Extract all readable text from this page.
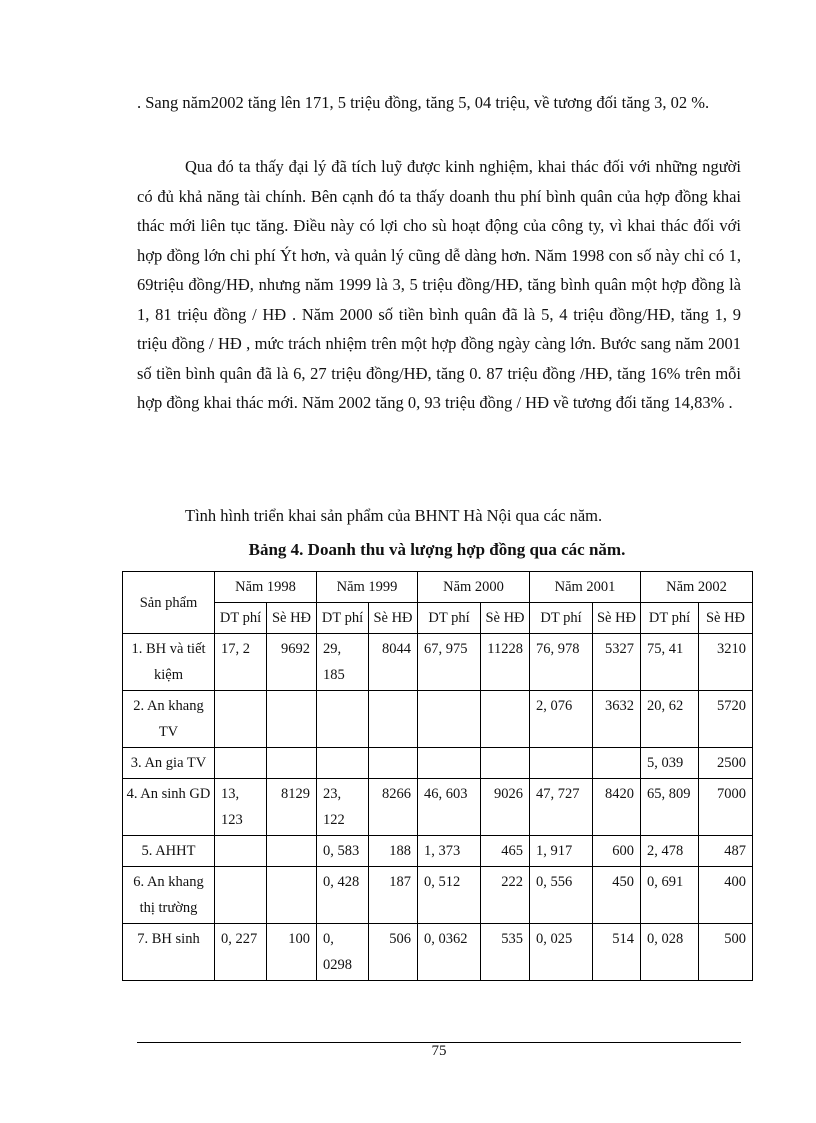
. Sang năm2002 tăng lên 171, 5 triệu đồng, tăng 5, 04 triệu, về tương đối tăng 3, 02 %.

Qua đó ta thấy đại lý đã tích luỹ được kinh nghiệm, khai thác đối với những người có đủ khả năng tài chính. Bên cạnh đó ta thấy doanh thu phí bình quân của hợp đồng khai thác mới liên tục tăng. Điều này có lợi cho sù hoạt động của công ty, vì khai thác đối với hợp đồng lớn chi phí Ýt hơn, và quản lý cũng dễ dàng hơn. Năm 1998 con số này chỉ có 1, 69triệu đồng/HĐ, nhưng năm 1999 là 3, 5 triệu đồng/HĐ, tăng bình quân một hợp đồng là 1, 81 triệu đồng / HĐ . Năm 2000 số tiền bình quân đã là 5, 4 triệu đồng/HĐ, tăng 1, 9 triệu đồng / HĐ , mức trách nhiệm trên một hợp đồng ngày càng lớn. Bước sang năm 2001 số tiền bình quân đã là 6, 27 triệu đồng/HĐ, tăng 0. 87 triệu đồng /HĐ, tăng 16% trên mỗi hợp đồng khai thác mới. Năm 2002 tăng 0, 93 triệu đồng / HĐ về tương đối tăng 14,83% .

Tình hình triển khai sản phẩm của BHNT Hà Nội qua các năm.
Bảng 4. Doanh thu và lượng hợp đồng qua các năm.
Sản phẩm	Năm 1998		Năm 1999		Năm 2000		Năm 2001		Năm 2002	
	DT phí	Sè HĐ	DT phí	Sè HĐ	DT phí	Sè HĐ	DT phí	Sè HĐ	DT phí	Sè HĐ
1. BH và tiết kiệm	17, 2	9692	29, 185	8044	67, 975	11228	76, 978	5327	75, 41	3210
2. An khang TV							2, 076	3632	20, 62	5720
3. An gia TV									5, 039	2500
4. An sinh GD	13, 123	8129	23, 122	8266	46, 603	9026	47, 727	8420	65, 809	7000
5. AHHT			0, 583	188	1, 373	465	1, 917	600	2, 478	487
6. An khang thị trường			0, 428	187	0, 512	222	0, 556	450	0, 691	400
7. BH sinh	0, 227	100	0, 0298	506	0, 0362	535	0, 025	514	0, 028	500
75
